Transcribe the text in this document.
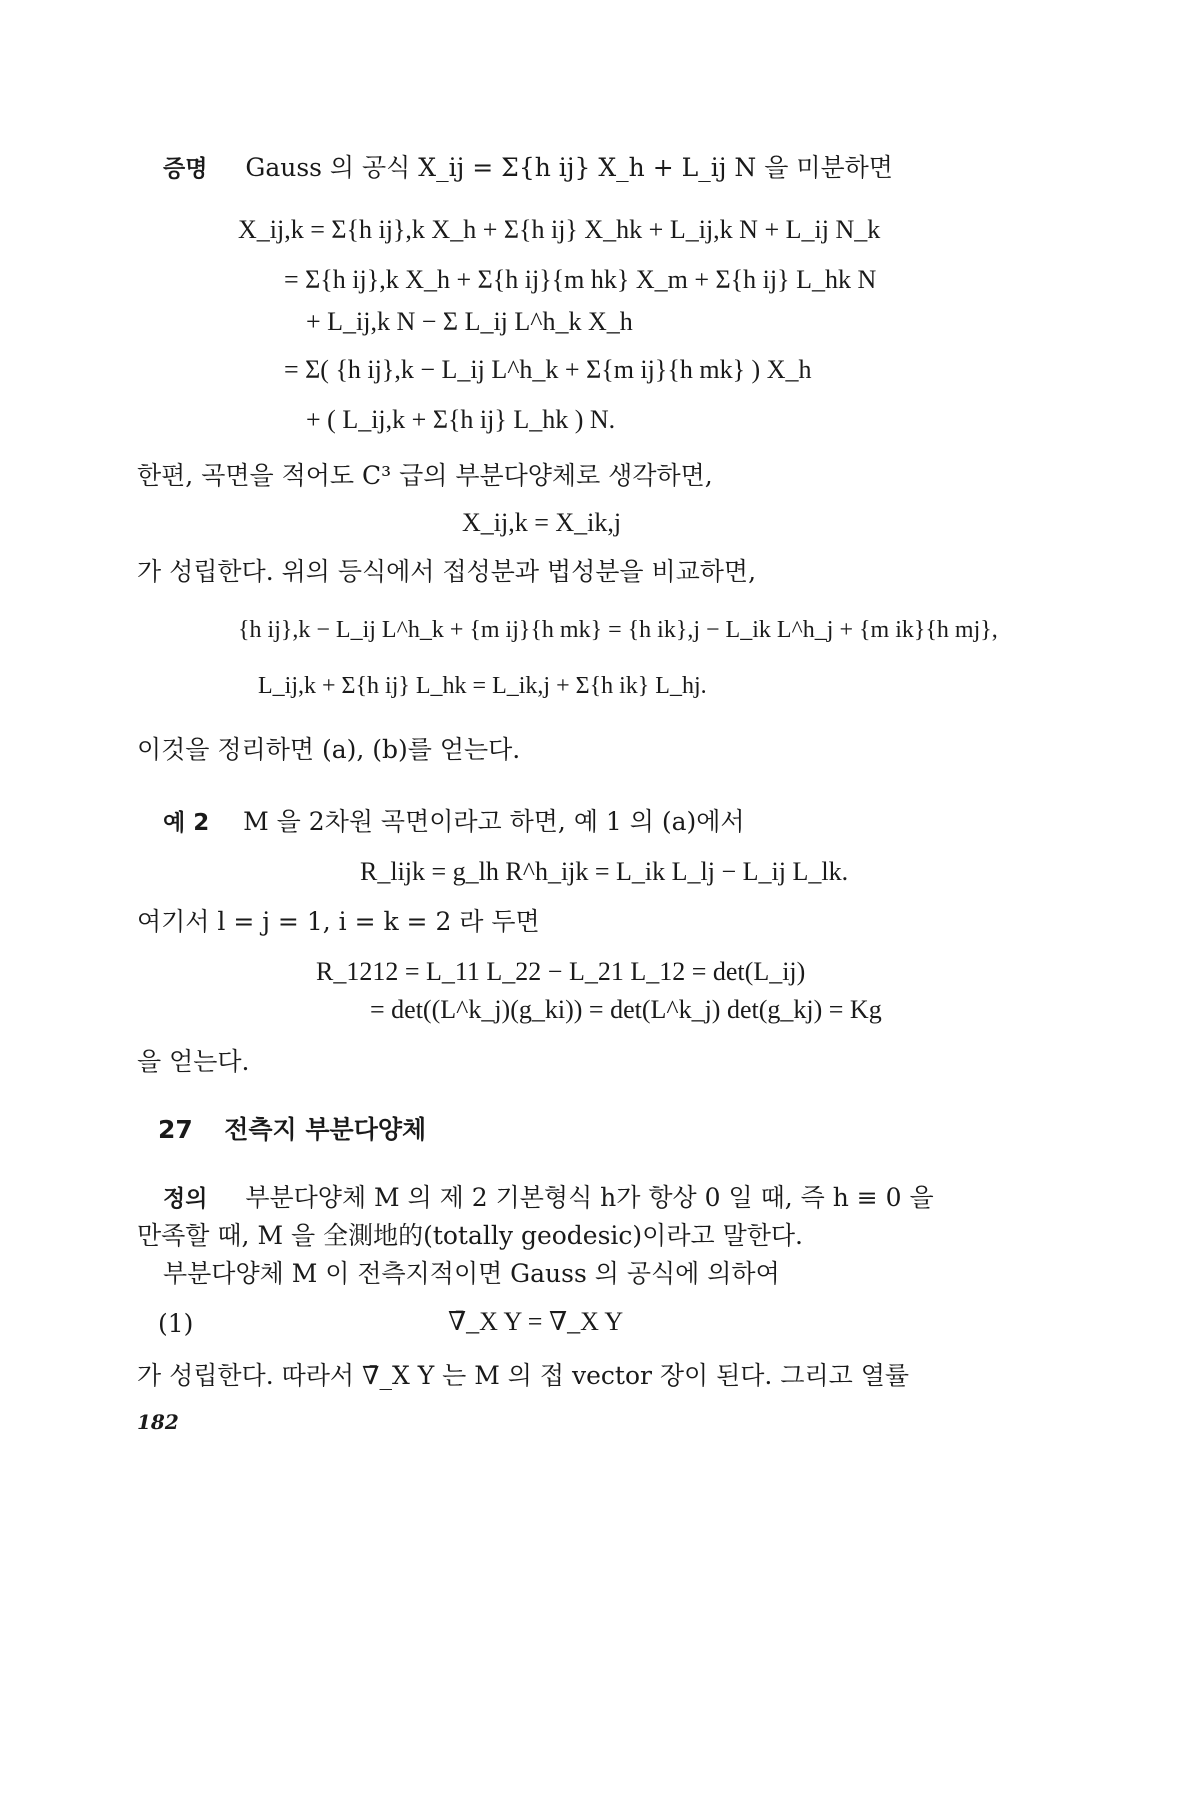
증명 Gauss 의 공식 X_ij = Σ{h ij} X_h + L_ij N 을 미분하면
X_ij,k = Σ{h ij},k X_h + Σ{h ij} X_hk + L_ij,k N + L_ij N_k
= Σ{h ij},k X_h + Σ{h ij}{m hk} X_m + Σ{h ij} L_hk N
+ L_ij,k N − Σ L_ij L^h_k X_h
= Σ( {h ij},k − L_ij L^h_k + Σ{m ij}{h mk} ) X_h
+ ( L_ij,k + Σ{h ij} L_hk ) N.
한편, 곡면을 적어도 C³ 급의 부분다양체로 생각하면,
X_ij,k = X_ik,j
가 성립한다. 위의 등식에서 접성분과 법성분을 비교하면,
{h ij},k − L_ij L^h_k + {m ij}{h mk} = {h ik},j − L_ik L^h_j + {m ik}{h mj},
L_ij,k + Σ{h ij} L_hk = L_ik,j + Σ{h ik} L_hj.
이것을 정리하면 (a), (b)를 얻는다.
예 2 M 을 2차원 곡면이라고 하면, 예 1 의 (a)에서
R_lijk = g_lh R^h_ijk = L_ik L_lj − L_ij L_lk.
여기서 l = j = 1, i = k = 2 라 두면
R_1212 = L_11 L_22 − L_21 L_12 = det(L_ij)
= det((L^k_j)(g_ki)) = det(L^k_j) det(g_kj) = Kg
을 얻는다.
27 전측지 부분다양체
정의 부분다양체 M 의 제 2 기본형식 h가 항상 0 일 때, 즉 h ≡ 0 을
만족할 때, M 을 全測地的(totally geodesic)이라고 말한다.
부분다양체 M 이 전측지적이면 Gauss 의 공식에 의하여
(1)	∇̄_X Y = ∇_X Y
가 성립한다. 따라서 ∇̄_X Y 는 M 의 접 vector 장이 된다. 그리고 열률
182
